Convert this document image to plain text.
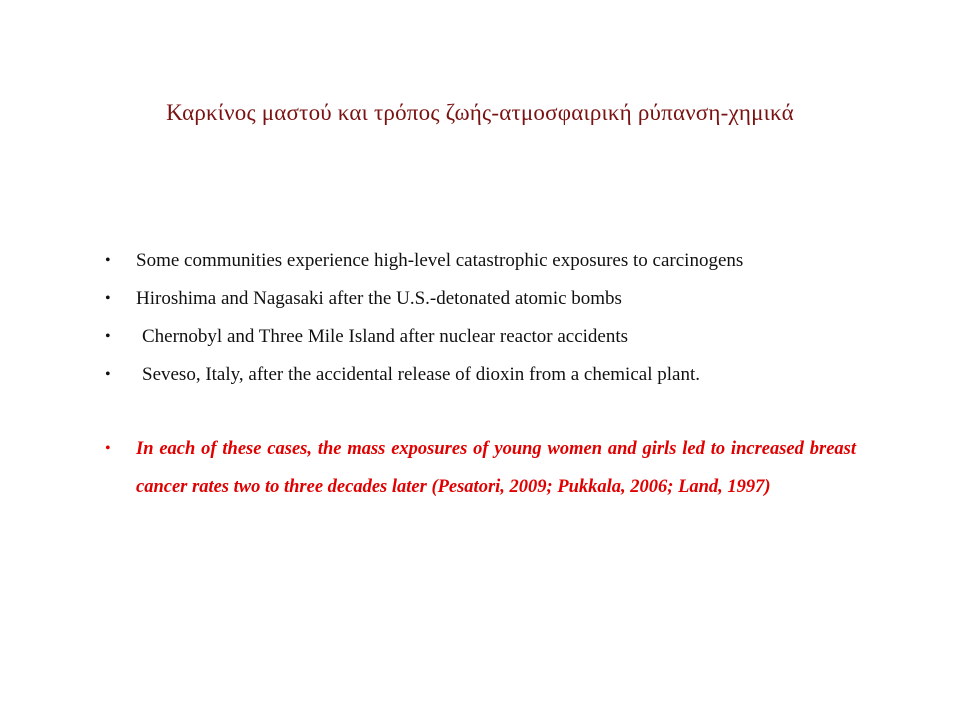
Καρκίνος μαστού και τρόπος ζωής-ατμοσφαιρική ρύπανση-χημικά
• Some communities experience high-level catastrophic exposures to carcinogens
• Hiroshima and Nagasaki after the U.S.-detonated atomic bombs
• Chernobyl and Three Mile Island after nuclear reactor accidents
• Seveso, Italy, after the accidental release of dioxin from a chemical plant.
• In each of these cases, the mass exposures of young women and girls led to increased breast cancer rates two to three decades later (Pesatori, 2009; Pukkala, 2006; Land, 1997)
